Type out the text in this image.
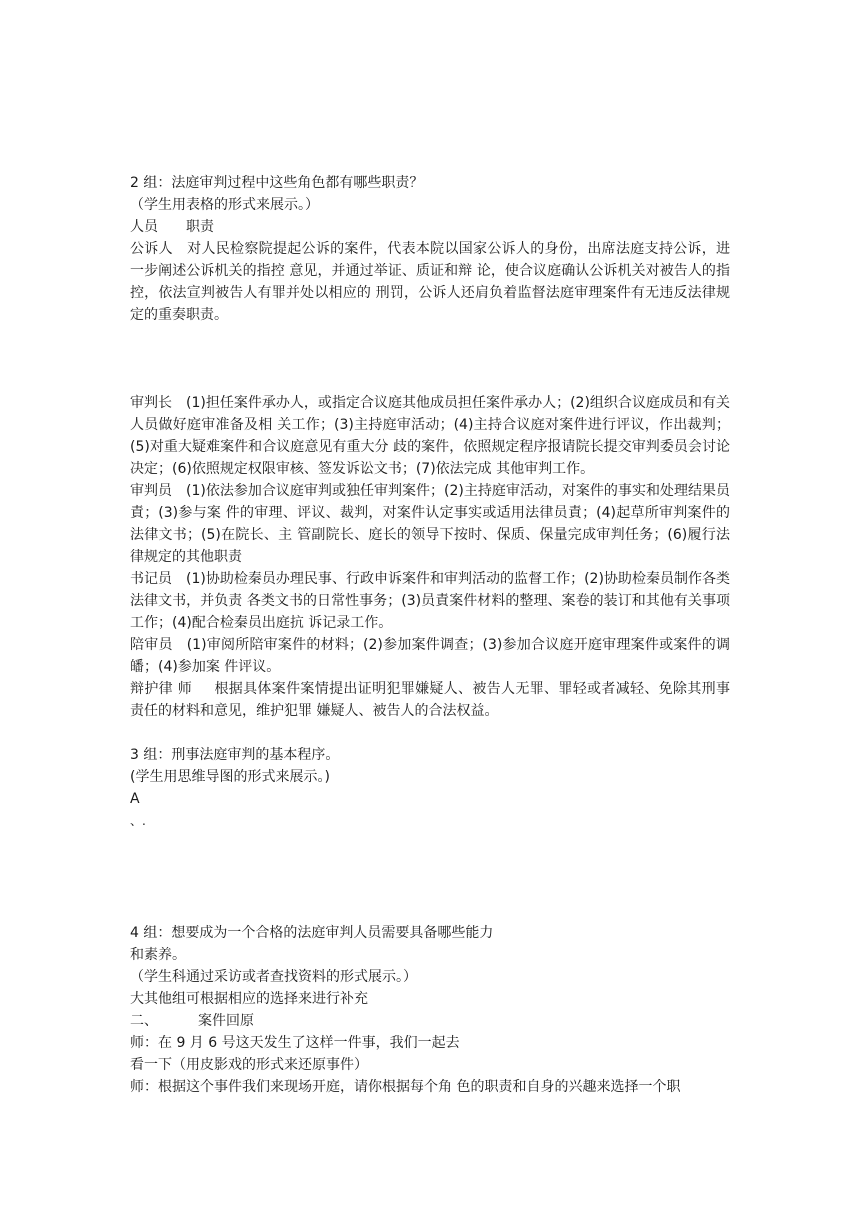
2 组：法庭审判过程中这些角色都有哪些职责？
（学生用表格的形式来展示。）
人员 职责
公诉人 对人民检察院提起公诉的案件，代表本院以国家公诉人的身份，出席法庭支持公诉，进一步阐述公诉机关的指控 意见，并通过举证、质证和辩 论，使合议庭确认公诉机关对被告人的指控，依法宣判被告人有罪并处以相应的 刑罚，公诉人还肩负着监督法庭审理案件有无违反法律规定的重奏职责。
审判长 (1)担任案件承办人，或指定合议庭其他成员担任案件承办人；(2)组织合议庭成员和有关人员做好庭审准备及相 关工作；(3)主持庭审活动；(4)主持合议庭对案件进行评议，作出裁判；(5)对重大疑难案件和合议庭意见有重大分 歧的案件，依照规定程序报请院长提交审判委员会讨论决定；(6)依照规定权限审核、签发诉讼文书；(7)依法完成 其他审判工作。
审判员 (1)依法参加合议庭审判或独任审判案件；(2)主持庭审活动，对案件的事实和处理结果员責；(3)参与案 件的审理、评议、裁判，对案件认定事实或适用法律员責；(4)起草所审判案件的法律文书；(5)在院长、主 管副院长、庭长的领导下按时、保质、保量完成审判任务；(6)履行法律规定的其他职责
书记员 (1)协助检秦员办理民事、行政申诉案件和审判活动的监督工作；(2)协助检秦员制作各类法律文书，并负责 各类文书的日常性事务；(3)员責案件材料的整理、案卷的装订和其他有关事项工作；(4)配合检秦员出庭抗 诉记录工作。
陪审员 (1)审阅所陪审案件的材料；(2)参加案件调查；(3)参加合议庭开庭审理案件或案件的调皤；(4)参加案 件评议。
辩护律 师 根据具体案件案情提出证明犯罪嫌疑人、被告人无罪、罪轻或者减轻、免除其刑事责任的材料和意见，维护犯罪 嫌疑人、被告人的合法权益。
3 组：刑事法庭审判的基本程序。
(学生用思维导图的形式来展示。)
A
、.
4 组：想要成为一个合格的法庭审判人员需要具备哪些能力
和素养。
（学生科通过采访或者查找资料的形式展示。）
大其他组可根据相应的选择来进行补充
二、	案件回原
师：在 9 月 6 号这天发生了这样一件事，我们一起去
看一下（用皮影戏的形式来还原事件）
师：根据这个事件我们来现场开庭，请你根据每个角 色的职责和自身的兴趣来选择一个职
